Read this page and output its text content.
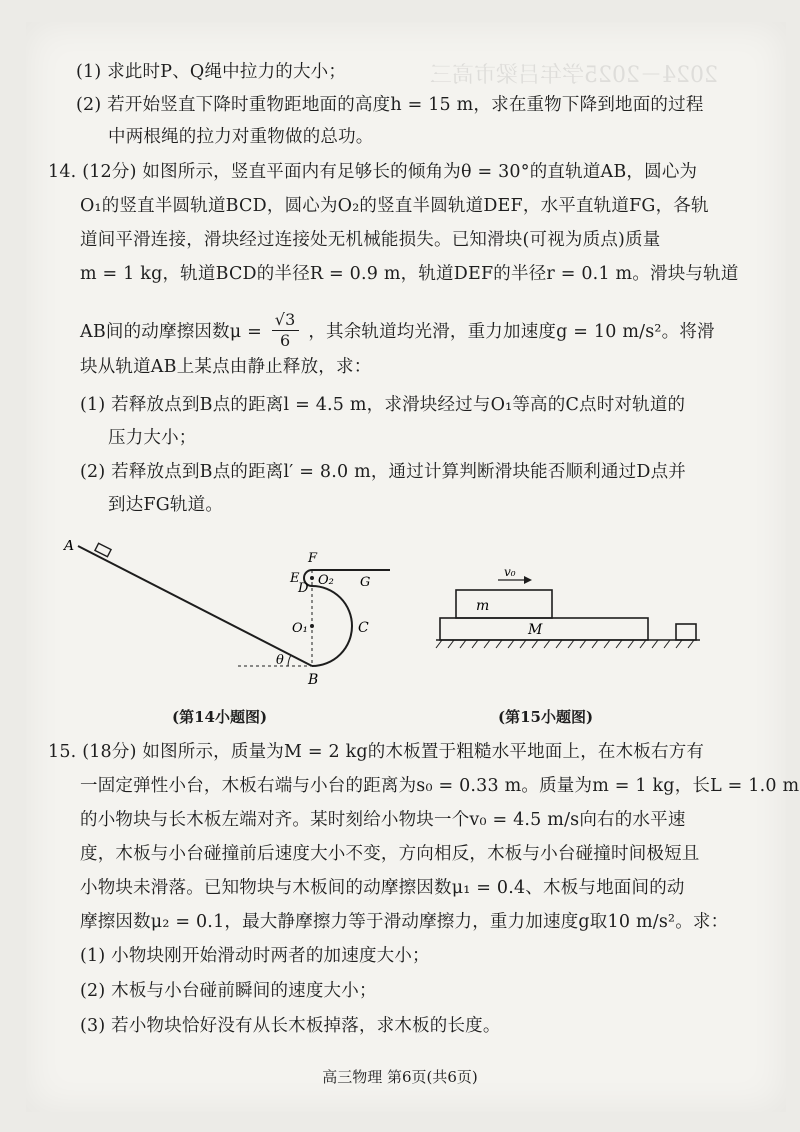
2024－2025学年吕梁市高三
(1) 求此时P、Q绳中拉力的大小；
(2) 若开始竖直下降时重物距地面的高度h = 15 m，求在重物下降到地面的过程
中两根绳的拉力对重物做的总功。
14. (12分) 如图所示，竖直平面内有足够长的倾角为θ = 30°的直轨道AB，圆心为
O₁的竖直半圆轨道BCD，圆心为O₂的竖直半圆轨道DEF，水平直轨道FG，各轨
道间平滑连接，滑块经过连接处无机械能损失。已知滑块(可视为质点)质量
m = 1 kg，轨道BCD的半径R = 0.9 m，轨道DEF的半径r = 0.1 m。滑块与轨道
AB间的动摩擦因数$\mu = \frac{√3}{6}$ ，其余轨道均光滑，重力加速度g = 10 m/s²。将滑
块从轨道AB上某点由静止释放，求：
(1) 若释放点到B点的距离l = 4.5 m，求滑块经过与O₁等高的C点时对轨道的
压力大小；
(2) 若释放点到B点的距离l′ = 8.0 m，通过计算判断滑块能否顺利通过D点并
到达FG轨道。
A
B
C
D
E
F
G
O₁
O₂
θ
(第14小题图)
v₀
m
M
(第15小题图)
15. (18分) 如图所示，质量为M = 2 kg的木板置于粗糙水平地面上，在木板右方有
一固定弹性小台，木板右端与小台的距离为s₀ = 0.33 m。质量为m = 1 kg，长L = 1.0 m
的小物块与长木板左端对齐。某时刻给小物块一个v₀ = 4.5 m/s向右的水平速
度，木板与小台碰撞前后速度大小不变，方向相反，木板与小台碰撞时间极短且
小物块未滑落。已知物块与木板间的动摩擦因数μ₁ = 0.4、木板与地面间的动
摩擦因数μ₂ = 0.1，最大静摩擦力等于滑动摩擦力，重力加速度g取10 m/s²。求：
(1) 小物块刚开始滑动时两者的加速度大小；
(2) 木板与小台碰前瞬间的速度大小；
(3) 若小物块恰好没有从长木板掉落，求木板的长度。
高三物理 第6页(共6页)
